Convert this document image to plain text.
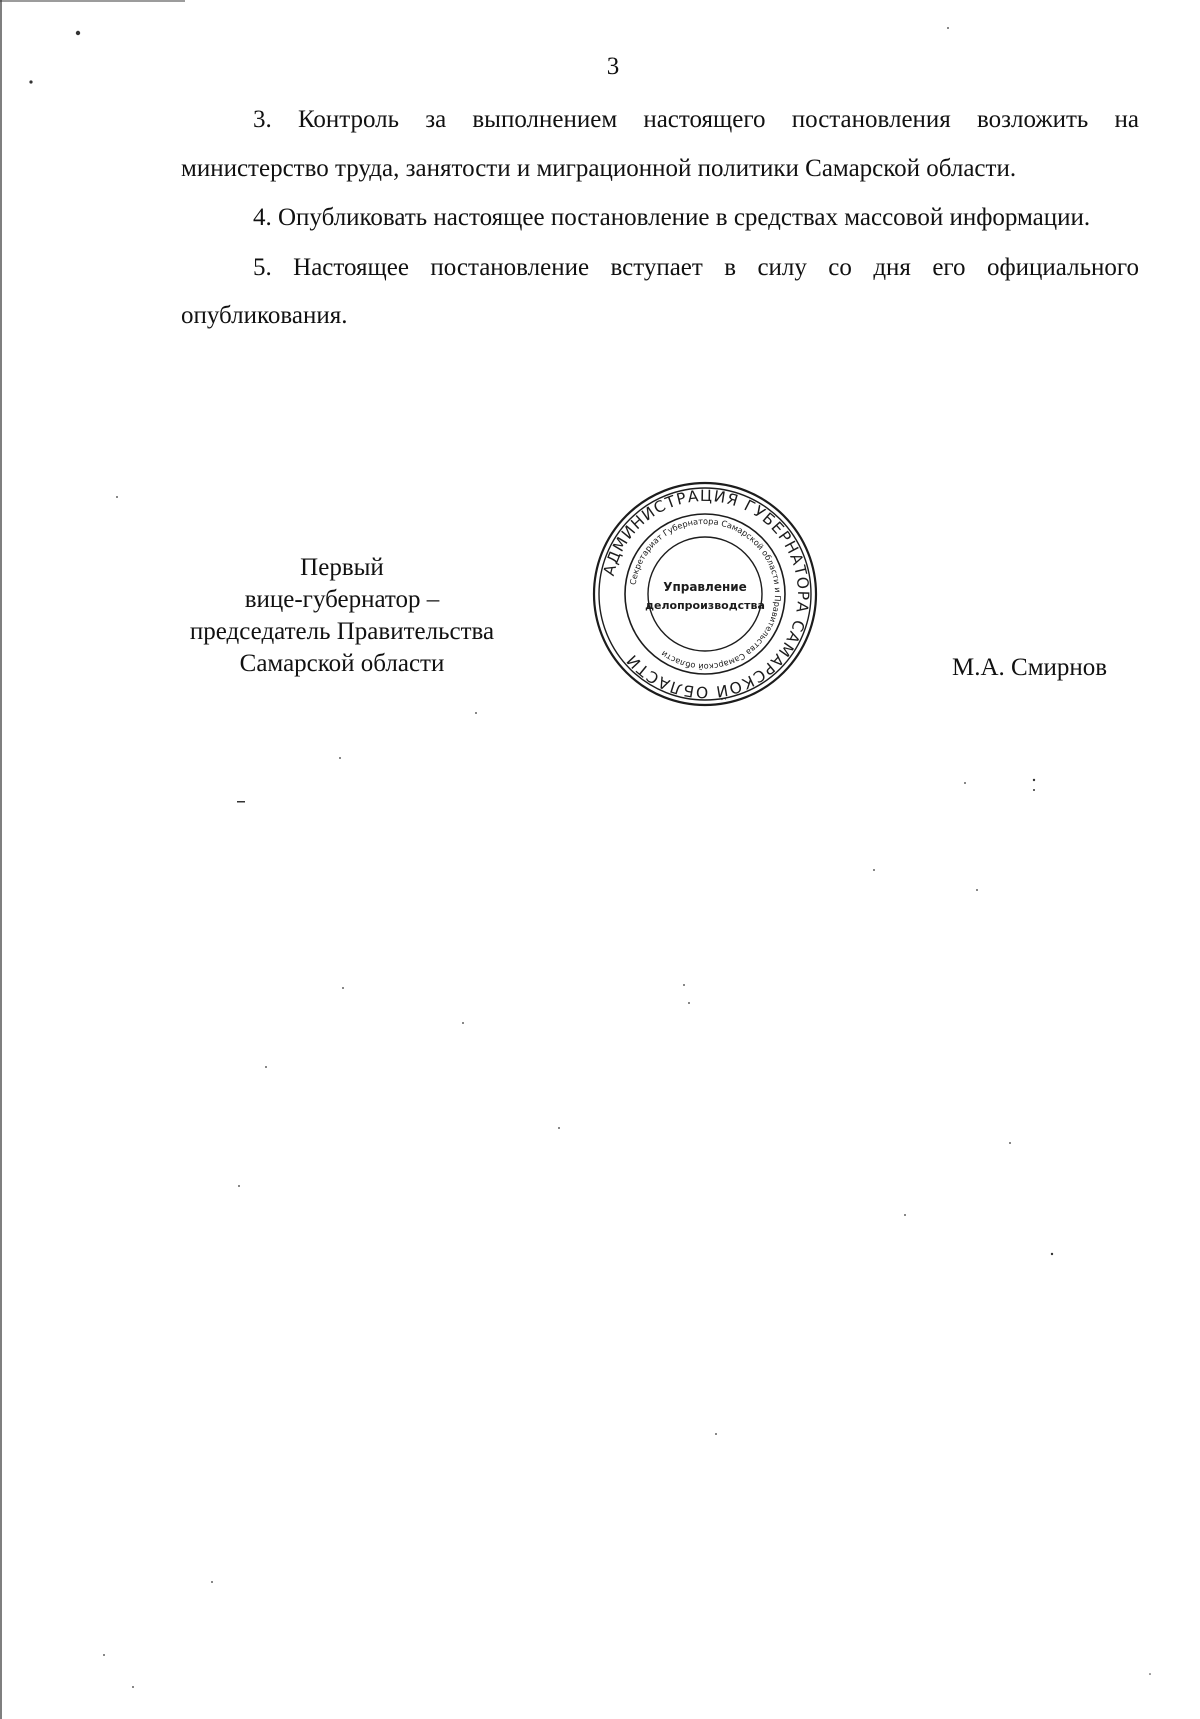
3

3. Контроль за выполнением настоящего постановления возложить на министерство труда, занятости и миграционной политики Самарской области.

4. Опубликовать настоящее постановление в средствах массовой информации.

5. Настоящее постановление вступает в силу со дня его официального опубликования.

Первый
вице-губернатор –
председатель Правительства
Самарской области
АДМИНИСТРАЦИЯ ГУБЕРНАТОРА САМАРСКОЙ ОБЛАСТИ
Секретариат Губернатора Самарской области и Правительства Самарской области
Управление
делопроизводства
М.А. Смирнов
